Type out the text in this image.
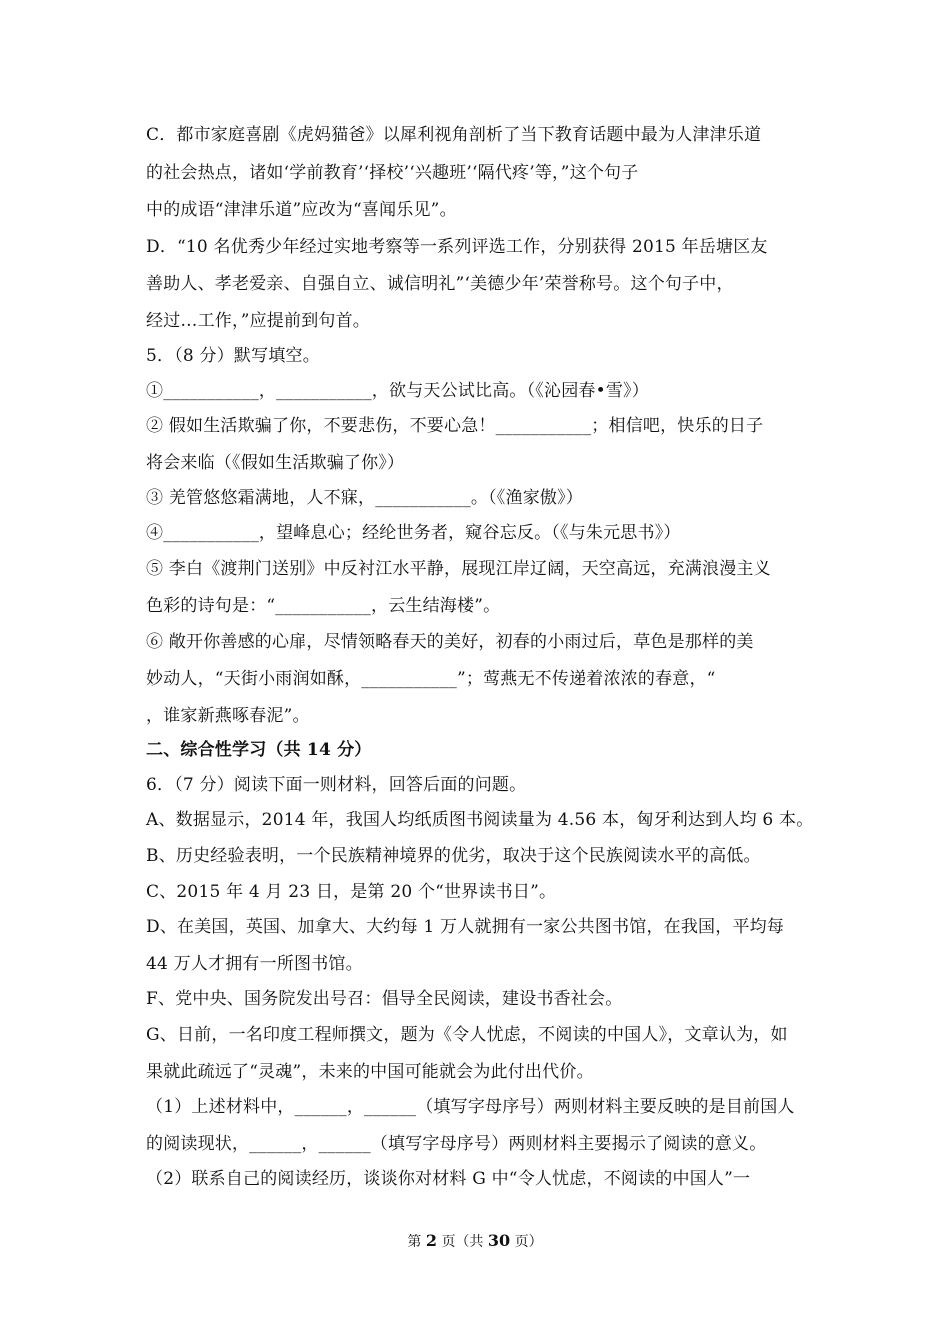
C．都市家庭喜剧《虎妈猫爸》以犀利视角剖析了当下教育话题中最为人津津乐道
的社会热点，诸如‘学前教育’‘择校’‘兴趣班’‘隔代疼’等，”这个句子
中的成语“津津乐道”应改为“喜闻乐见”。
D．“10 名优秀少年经过实地考察等一系列评选工作，分别获得 2015 年岳塘区友
善助人、孝老爱亲、自强自立、诚信明礼”‘美德少年’荣誉称号。这个句子中，
经过…工作，”应提前到句首。
5．（8 分）默写填空。
①___________，___________，欲与天公试比高。（《沁园春•雪》）
② 假如生活欺骗了你，不要悲伤，不要心急！___________；相信吧，快乐的日子
将会来临（《假如生活欺骗了你》）
③ 羌管悠悠霜满地，人不寐，___________。（《渔家傲》）
④___________，望峰息心；经纶世务者，窥谷忘反。（《与朱元思书》）
⑤ 李白《渡荆门送别》中反衬江水平静，展现江岸辽阔，天空高远，充满浪漫主义
色彩的诗句是：“___________，云生结海楼”。
⑥ 敞开你善感的心扉，尽情领略春天的美好，初春的小雨过后，草色是那样的美
妙动人，“天街小雨润如酥，___________”；莺燕无不传递着浓浓的春意，“
，谁家新燕啄春泥”。
二、综合性学习（共 14 分）
6．（7 分）阅读下面一则材料，回答后面的问题。
A、数据显示，2014 年，我国人均纸质图书阅读量为 4.56 本，匈牙利达到人均 6 本。
B、历史经验表明，一个民族精神境界的优劣，取决于这个民族阅读水平的高低。
C、2015 年 4 月 23 日，是第 20 个“世界读书日”。
D、在美国，英国、加拿大、大约每 1 万人就拥有一家公共图书馆，在我国，平均每
44 万人才拥有一所图书馆。
F、党中央、国务院发出号召：倡导全民阅读，建设书香社会。
G、日前，一名印度工程师撰文，题为《令人忧虑，不阅读的中国人》，文章认为，如
果就此疏远了“灵魂”，未来的中国可能就会为此付出代价。
（1）上述材料中，______，______（填写字母序号）两则材料主要反映的是目前国人
的阅读现状，______，______（填写字母序号）两则材料主要揭示了阅读的意义。
（2）联系自己的阅读经历，谈谈你对材料 G 中“令人忧虑，不阅读的中国人”一
第 2 页（共 30 页）
